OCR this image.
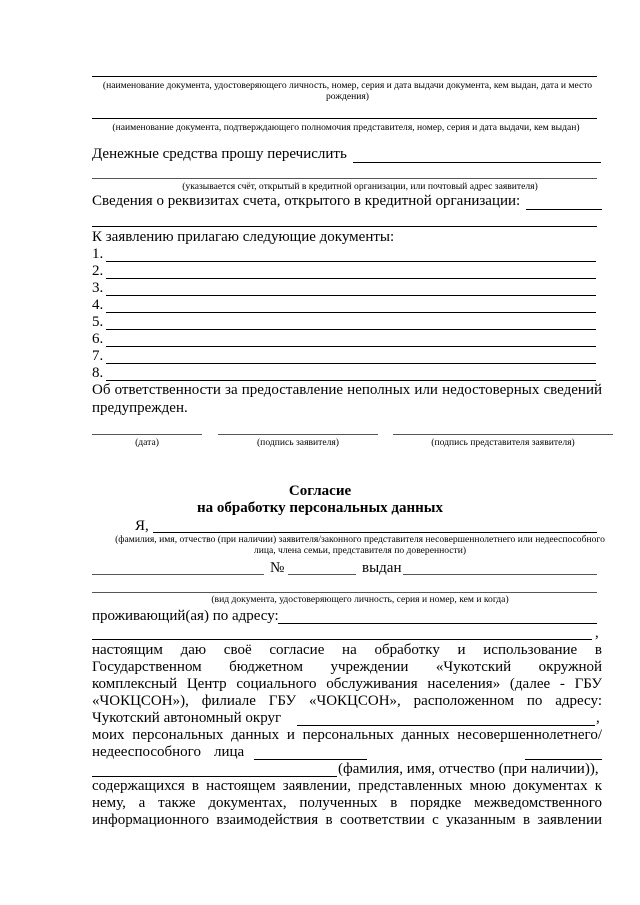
(наименование документа, удостоверяющего личность, номер, серия и дата выдачи документа, кем выдан, дата и место рождения)
(наименование документа, подтверждающего полномочия представителя, номер, серия и дата выдачи, кем выдан)
Денежные средства прошу перечислить
(указывается счёт, открытый в кредитной организации, или почтовый адрес заявителя)
Сведения о реквизитах счета, открытого в кредитной организации:
К заявлению прилагаю следующие документы:
1.
2.
3.
4.
5.
6.
7.
8.
Об ответственности за предоставление неполных или недостоверных сведений
предупрежден.
(дата)	(подпись заявителя)	(подпись представителя заявителя)
Согласие
на обработку персональных данных
Я,
(фамилия, имя, отчество (при наличии) заявителя/законного представителя несовершеннолетнего или недееспособного лица, члена семьи, представителя по доверенности)
№	выдан
(вид документа, удостоверяющего личность, серия и номер, кем и когда)
проживающий(ая) по адресу:
,
настоящим даю своё согласие на обработку и использование в
Государственном бюджетном учреждении «Чукотский окружной
комплексный Центр социального обслуживания населения» (далее - ГБУ
«ЧОКЦСОН»), филиале ГБУ «ЧОКЦСОН», расположенном по адресу:
Чукотский автономный округ	,
моих персональных данных и персональных данных несовершеннолетнего/
недееспособного лица
(фамилия, имя, отчество (при наличии)),
содержащихся в настоящем заявлении, представленных мною документах к
нему, а также документах, полученных в порядке межведомственного
информационного взаимодействия в соответствии с указанным в заявлении
